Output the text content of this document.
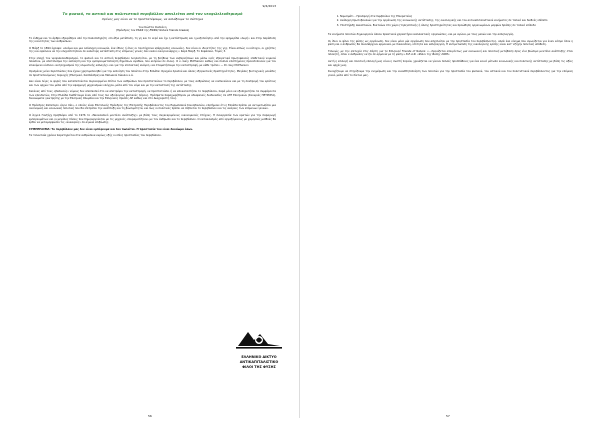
9/4/2013
Το φυσικό, το αστικό και πολιτιστικό περιβάλλον απειλείται από τον νεοφιλελευθερισμό
Χρόνος μας είναι να το προστατέψουμε, να αλλάξουμε το σύστημα
του Κώστα Ουσιάνη
(Πρόεδρος του ΕΚΔΦ της ΕΝΦΙΣ/ Nature friends Greece)

Το ένθημα και το άρθρο εξαιρέθηκε από την Καλοσιδηρήτη «Οι άξια μετάδοση, τη γη και το νερό και όχι η κατάστρωση και η μαζοποίηση» από την εφημερίδα «Αυγή» και στην παράδοση της κοινότητας των ανθρώπων»

Ο Μάρξ το 1894 έγραψε: «Ακόμα και μια ολόκληρη κοινωνία, ένα έθνος ή όλες οι ταυτόχρονα υπάρχουσες κοινωνίες, δεν είναι οι ιδιοκτήτες της γης. Είναι απλώς οι κάτοχοι, οι χρήστες της και οφείλουν να την κληροδοτήσουν σε καλύτερη κατάσταση στις επόμενες γενιές σαν καλοί οικογενειάρχες.» Καρλ Μαρξ, Το Κεφάλαιο, Τόμος 3.

Στην εποχή του νεοφιλελευθερισμού, το φυσικό και το αστικό περιβάλλον λεηλατείται, με τη βοήθεια των κυβερνήσεων και μέσω ενός εξαιρετικά πρωτοφανούς επιθετικού νομικού πλαισίου, με αποτέλεσμα την εκποίηση και την εμπορευματοποίηση δημόσιων αγαθών, που ανήκουν σε όλους. Ο κ. Gary McPherson καθώς και πολλοί επιστήμονες προειδοποιούν για τον επικείμενο κίνδυνο «εκτροχιασμού της κλιματικής αλλαγής» και για την επιτακτική ανάγκη «να σταματήσουμε την καταστροφή, με κάθε τρόπο» — Dr. Guy McPherson

Ορισμένες μόνο περιπτώσεις που έχουν χρησιμοποιηθεί για την εκποίηση του πλούτου στην Ελλάδα: Ορυχεία Χρυσού και άλλες εξορυκτικές δραστηριότητες, Μεγάλες βιοτεχνικές μονάδες σε προστατευόμενες περιοχές (Ελληνικό, Κασσάνδρα) και Μαλιακοί δίαυλοι κ.ά.

Δεν είναι λίγες οι φορές που καταπατούνται συγκεκριμένα σπίτια των ανθρώπων που προστατεύουν το περιβάλλον, με τους ανθρώπους να κινδυνεύουν και με τη συνδρομή του κράτους και των αρχών του μέσα από την εφαρμογή μηχανισμών ελέγχου, μέσα από τον νόμο και με την καταστολή της αντίστασης.

Κανένας από τους «βασικούς» νόμους δεν αποσκοπεί στο να αποτρέψει την καταστροφή, να προστατεύσει ή να αποκαταστήσει το περιβάλλον, παρά μόνο να εξυπηρετήσει τα συμφέροντα των επενδυτών. Στην Ελλάδα διαθέτουμε έναν από τους πιο αξιόλογους φυσικούς πόρους. Πρόσφατα παραχωρήθηκαν με αδιαφανείς διαδικασίες σε ΑΤΕ Ελληνικών (Σκουριές ΠΕΤΡΟΠΑ), δικαιώματα γεώτρησης με την Ελληνική Ολυμπία και την Ελληνικός Χρυσός ΑΕ καθώς και στο Διαχειριστή τους.

Ο Πρόεδρος Ζαπατερο «Άγιο Χάι», ο οποίος είναι Επιτελικός Πρόεδρος της Επιτροπής Περιβάλλοντος του Ευρωπαϊκού Κοινοβουλίου, επισήμανε ότι η Ελλάδα πρέπει να αντιμετωπίσει μια οικονομική και κοινωνική πολιτική που θα επιτρέπει την ανάπτυξη και τη βιωσιμότητα, και πως οι πολιτικές πρέπει να σέβονται το περιβάλλον και τις ανάγκες των επόμενων γενεών.

Ο Άγγελ Γουζέγχ προβλέψει από το 1976 το «Νεοκλασικό μοντέλο ανάπτυξης» με βάση τους συγκεκριμένους οικονομικούς στόχους. Η συνεργασία των κρατών για την παραγωγή εμπορευμάτων και οι μεγάλες πόλεις που δημιουργούνται με τις μηχανές «πειραματίζουν» με τον άνθρωπο και το περιβάλλον. Ο κατακλυσμός από εργαζόμενους με χαμηλούς μισθούς θα έρθει να μεταμορφώσει τις «ευκαιρίες» σε αγώνα επιβίωσης.

ΣΥΜΠΕΡΑΣΜΑ: Το περιβάλλον μας δεν είναι εμπόρευμα και δεν πωλείται. Η προστασία του είναι δικαίωμα όλων.

Τα τελευταία χρόνια παρατηρείται στα ανθρώπινα κυρίως εξής οι ιδέες προστασίας του περιβάλλον.

56
1. Νομισμάτι – Προσφυγή στα Συμβούλια της Επικρατείας
2. Ανάληψη πρωτοβουλιών για την οργάνωση της κοινωνικής αντίστασης, της οικολογικής και του αντικαπιταλιστικού κινήματος σε τοπικό και διεθνές επίπεδο
3. Υποστήριξη Δικαστικών, Ευκταίων στο χώρο (τηλε)οπτικής ή άλλης δραστηριότητας και προώθηση οργανωμένων μορφών δράσης σε τοπικό επίπεδο

Τα κινήματα πολιτών δημιουργούν άλλου πρακτικού χαρακτήρα εναλλακτικές οργανώσεις, και με αγώνα, με τους μελών και την αλληλεγγύη.

Οι ίδιοι οι φίλοι της φύσης ως οργάνωση, δεν είναι μόνο μία οργάνωση που ασχολείται με την προστασία του περιβάλλοντος, αλλά ένα κίνημα που αγωνίζεται για έναν κόσμο όπου η φύση και ο άνθρωπος θα συνυπάρχουν αρμονικά, με δικαιοσύνη, ισότητα και αλληλεγγύη. Η αντιμετώπιση της οικολογικής κρίσης είναι κατ' εξοχήν πολιτική υπόθεση.

Τελικώς, με την επιτυχία στις Χάρτη για το Ελληνικό Friends of Nature: «...Χρειάζεται επειγόντως μια κοινωνική και πολιτική μετάβαση προς ένα βιώσιμο μοντέλο ανάπτυξης στον πλανήτη, όπου ο άνθρωπος να ζει σε αρμονία με τη φύση.» Ν.Ε.Α.Φ. «Φίλοι της Φύσης 2008»

Αυτή η επιλογή και πολιτική επιλογή μας είναι η σωστή πορεία, χρειάζεται να γίνουν πολλές προσπάθειες για ένα κοινό μέτωπο κοινωνικής και πολιτικής αντίστασης με βάση τις αξίες και αρχές μας.

Συνεχίζουμε να στηρίζουμε την ενημέρωση και την ευαισθητοποίηση των πολιτών για την προστασία του φυσικού, του αστικού και του πολιτιστικού περιβάλλοντος για την επόμενη γενιά, μέσα από το δίκτυο μας.

57
ΕΛΛΗΝΙΚΟ ΔΙΚΤΥΟ
ΑΝΤΙΚΑΠΙΤΑΛΙΣΤΙΚΟ
ΦΙΛΟΙ ΤΗΣ ΦΥΣΗΣ
